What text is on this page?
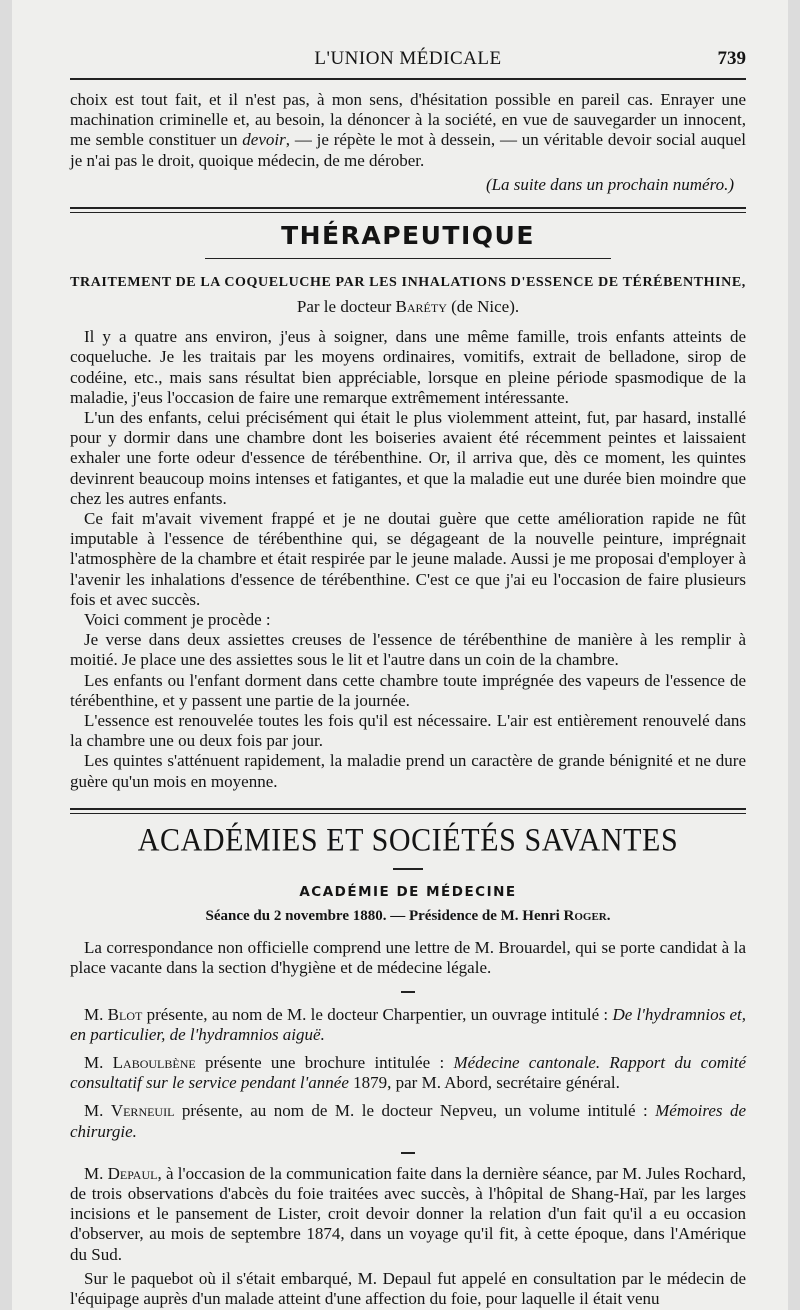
L'UNION MÉDICALE	739

choix est tout fait, et il n'est pas, à mon sens, d'hésitation possible en pareil cas. Enrayer une machination criminelle et, au besoin, la dénoncer à la société, en vue de sauvegarder un innocent, me semble constituer un devoir, — je répète le mot à dessein, — un véritable devoir social auquel je n'ai pas le droit, quoique médecin, de me dérober.

(La suite dans un prochain numéro.)

THÉRAPEUTIQUE
TRAITEMENT DE LA COQUELUCHE PAR LES INHALATIONS D'ESSENCE DE TÉRÉBENTHINE,

Par le docteur Baréty (de Nice).

Il y a quatre ans environ, j'eus à soigner, dans une même famille, trois enfants atteints de coqueluche. Je les traitais par les moyens ordinaires, vomitifs, extrait de belladone, sirop de codéine, etc., mais sans résultat bien appréciable, lorsque en pleine période spasmodique de la maladie, j'eus l'occasion de faire une remarque extrêmement intéressante.

L'un des enfants, celui précisément qui était le plus violemment atteint, fut, par hasard, installé pour y dormir dans une chambre dont les boiseries avaient été récemment peintes et laissaient exhaler une forte odeur d'essence de térébenthine. Or, il arriva que, dès ce moment, les quintes devinrent beaucoup moins intenses et fatigantes, et que la maladie eut une durée bien moindre que chez les autres enfants.

Ce fait m'avait vivement frappé et je ne doutai guère que cette amélioration rapide ne fût imputable à l'essence de térébenthine qui, se dégageant de la nouvelle peinture, imprégnait l'atmosphère de la chambre et était respirée par le jeune malade. Aussi je me proposai d'employer à l'avenir les inhalations d'essence de térébenthine. C'est ce que j'ai eu l'occasion de faire plusieurs fois et avec succès.

Voici comment je procède :

Je verse dans deux assiettes creuses de l'essence de térébenthine de manière à les remplir à moitié. Je place une des assiettes sous le lit et l'autre dans un coin de la chambre.

Les enfants ou l'enfant dorment dans cette chambre toute imprégnée des vapeurs de l'essence de térébenthine, et y passent une partie de la journée.

L'essence est renouvelée toutes les fois qu'il est nécessaire. L'air est entièrement renouvelé dans la chambre une ou deux fois par jour.

Les quintes s'atténuent rapidement, la maladie prend un caractère de grande bénignité et ne dure guère qu'un mois en moyenne.

ACADÉMIES ET SOCIÉTÉS SAVANTES
ACADÉMIE DE MÉDECINE

Séance du 2 novembre 1880. — Présidence de M. Henri Roger.

La correspondance non officielle comprend une lettre de M. Brouardel, qui se porte candidat à la place vacante dans la section d'hygiène et de médecine légale.

M. Blot présente, au nom de M. le docteur Charpentier, un ouvrage intitulé : De l'hydramnios et, en particulier, de l'hydramnios aiguë.

M. Laboulbène présente une brochure intitulée : Médecine cantonale. Rapport du comité consultatif sur le service pendant l'année 1879, par M. Abord, secrétaire général.

M. Verneuil présente, au nom de M. le docteur Nepveu, un volume intitulé : Mémoires de chirurgie.

M. Depaul, à l'occasion de la communication faite dans la dernière séance, par M. Jules Rochard, de trois observations d'abcès du foie traitées avec succès, à l'hôpital de Shang-Haï, par les larges incisions et le pansement de Lister, croit devoir donner la relation d'un fait qu'il a eu occasion d'observer, au mois de septembre 1874, dans un voyage qu'il fit, à cette époque, dans l'Amérique du Sud.

Sur le paquebot où il s'était embarqué, M. Depaul fut appelé en consultation par le médecin de l'équipage auprès d'un malade atteint d'une affection du foie, pour laquelle il était venu
